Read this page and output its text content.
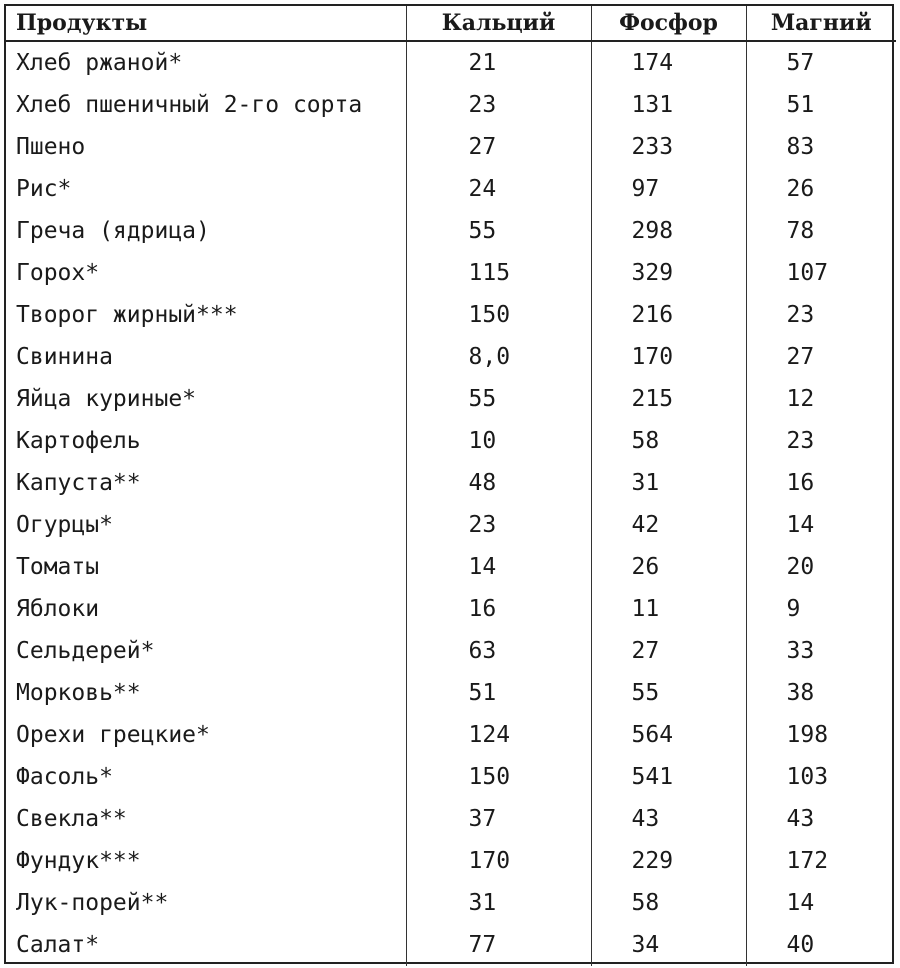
Продукты	Кальций	Фосфор	Магний
Хлеб ржаной*	21	174	57
Хлеб пшеничный 2-го сорта	23	131	51
Пшено	27	233	83
Рис*	24	97	26
Греча (ядрица)	55	298	78
Горох*	115	329	107
Творог жирный***	150	216	23
Свинина	8,0	170	27
Яйца куриные*	55	215	12
Картофель	10	58	23
Капуста**	48	31	16
Огурцы*	23	42	14
Томаты	14	26	20
Яблоки	16	11	9
Сельдерей*	63	27	33
Морковь**	51	55	38
Орехи грецкие*	124	564	198
Фасоль*	150	541	103
Свекла**	37	43	43
Фундук***	170	229	172
Лук-порей**	31	58	14
Салат*	77	34	40
